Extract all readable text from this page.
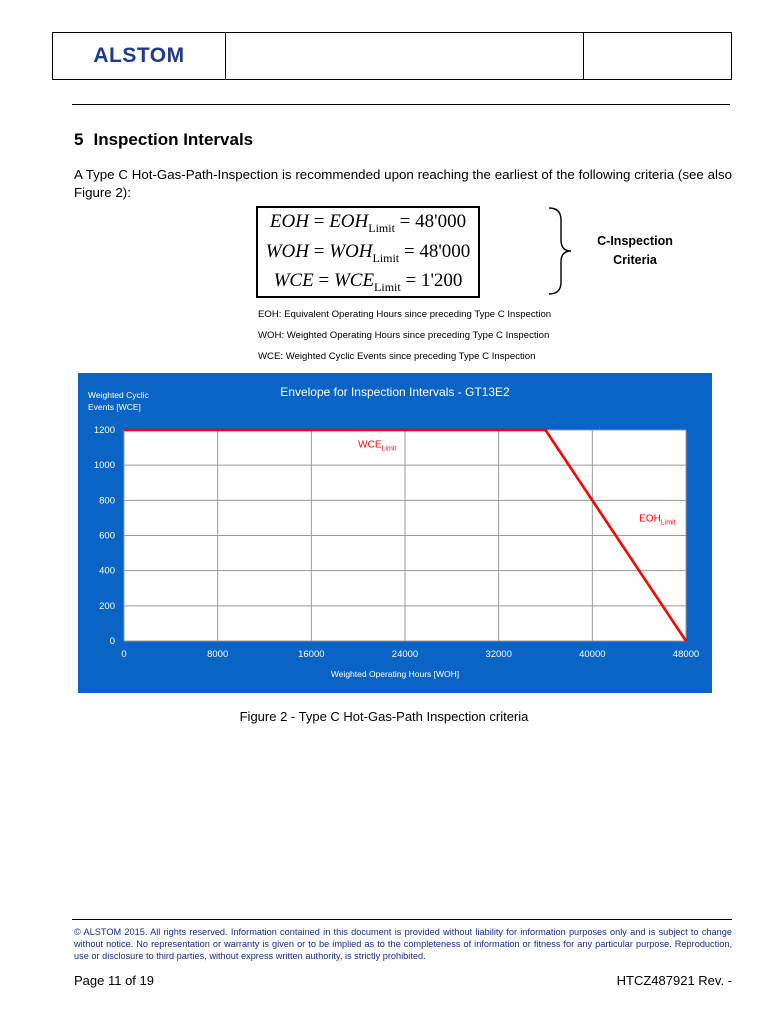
ALSTOM
5 Inspection Intervals
A Type C Hot-Gas-Path-Inspection is recommended upon reaching the earliest of the following criteria (see also Figure 2):
EOH = $EOH_{Limit} = 48'000$
WOH = $WOH_{Limit} = 48'000$
WCE = $WCE_{Limit} = 1'200$
C-Inspection
Criteria
EOH: Equivalent Operating Hours since preceding Type C Inspection
WOH: Weighted Operating Hours since preceding Type C Inspection
WCE: Weighted Cyclic Events since preceding Type C Inspection
Envelope for Inspection Intervals - GT13E2
Weighted Cyclic
Events [WCE]
0	8000	16000	24000	32000	40000	48000
0
200
400
600
800
1000
1200
$WCE_{Limit}$
$EOH_{Limit}$
Weighted Operating Hours [WOH]
Figure 2 - Type C Hot-Gas-Path Inspection criteria
© ALSTOM 2015. All rights reserved. Information contained in this document is provided without liability for information purposes only and is subject to change without notice. No representation or warranty is given or to be implied as to the completeness of information or fitness for any particular purpose. Reproduction, use or disclosure to third parties, without express written authority, is strictly prohibited.
Page 11 of 19	HTCZ487921 Rev. -
